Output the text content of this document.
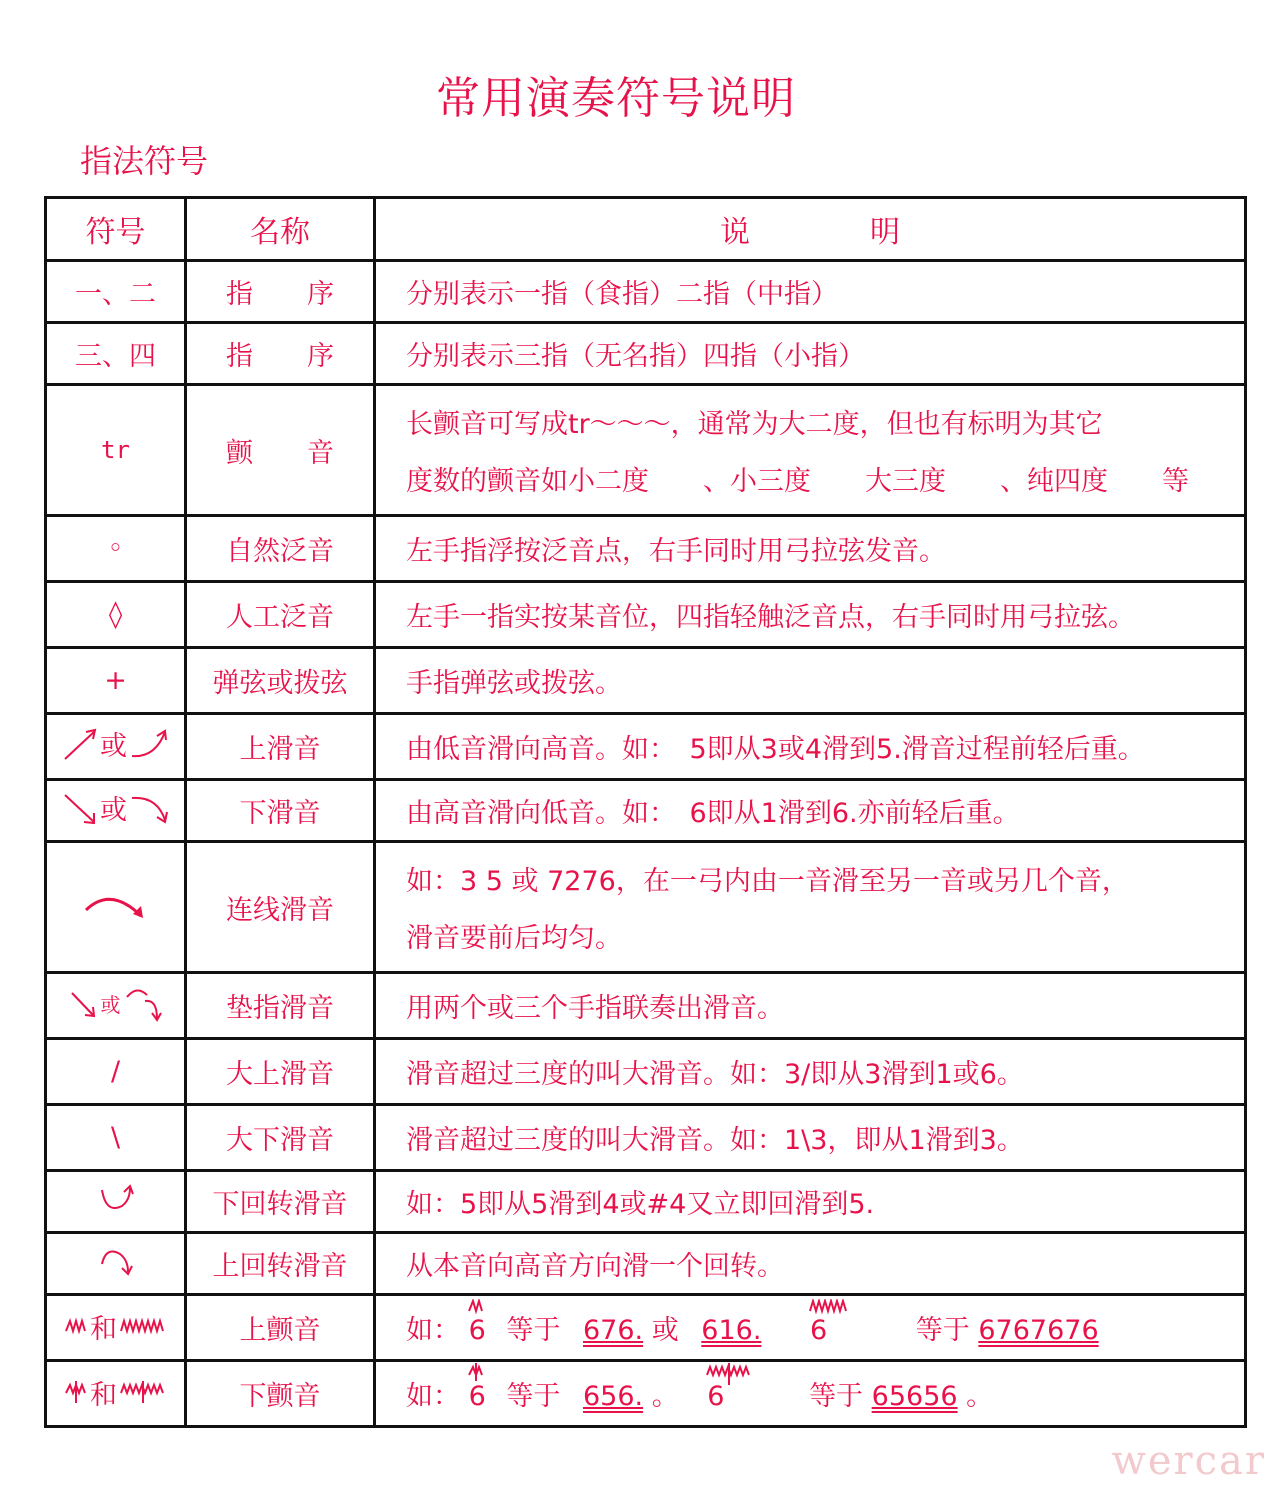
常用演奏符号说明
指法符号
符号	名称	说　　　　明
一、二	指　　序	分别表示一指（食指）二指（中指）
三、四	指　　序	分别表示三指（无名指）四指（小指）
tr	颤　　音	长颤音可写成tr～～～，通常为大二度，但也有标明为其它
度数的颤音如小二度　　、小三度　　大三度　　、纯四度　　等

◦	自然泛音	左手指浮按泛音点，右手同时用弓拉弦发音。
◊	人工泛音	左手一指实按某音位，四指轻触泛音点，右手同时用弓拉弦。
+	弹弦或拨弦	手指弹弦或拨弦。

或	上滑音	由低音滑向高音。如：　5即从3或4滑到5.滑音过程前轻后重。

或	下滑音	由高音滑向低音。如：　6即从1滑到6.亦前轻后重。
	连线滑音	如：3 5 或 7276，在一弓内由一音滑至另一音或另几个音，
滑音要前后均匀。

或	垫指滑音	用两个或三个手指联奏出滑音。
/	大上滑音	滑音超过三度的叫大滑音。如：3/即从3滑到1或6。
\	大下滑音	滑音超过三度的叫大滑音。如：1\3，即从1滑到3。
	下回转滑音	如：5即从5滑到4或#4又立即回滑到5.
	上回转滑音	从本音向高音方向滑一个回转。

和	上颤音	如： 6 等于 676. 或 616. 6 等于 6767676

和	下颤音	如： 6 等于 656. 。 6 等于 65656 。
wercar
